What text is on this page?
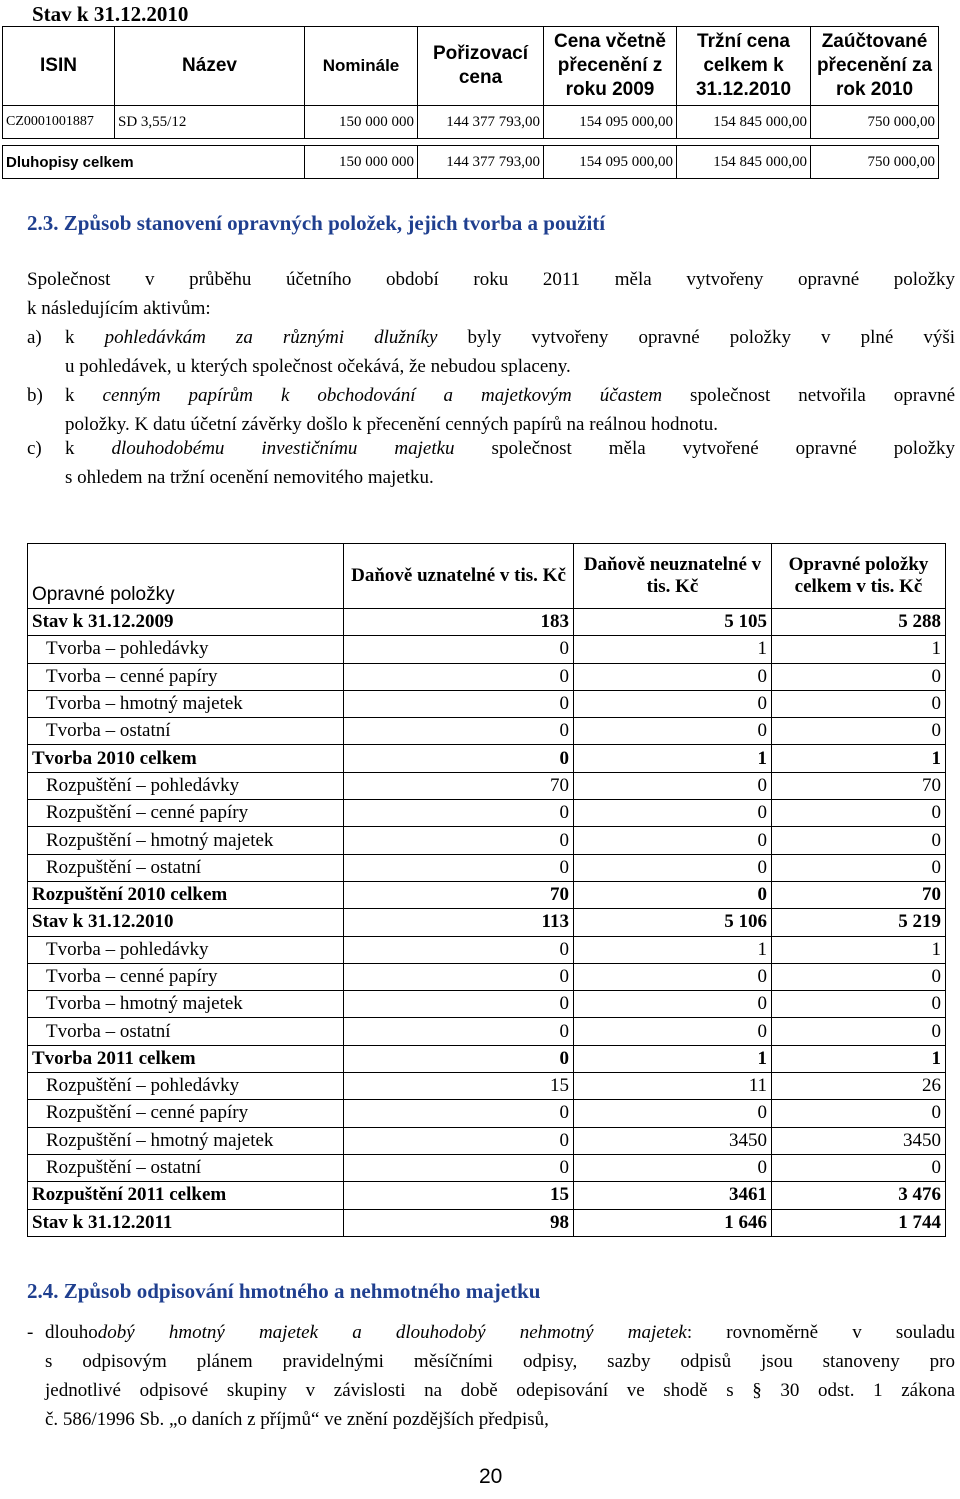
Stav k 31.12.2010
ISIN	Název	Nominále	Pořizovací cena	Cena včetně přecenění z roku 2009	Tržní cena celkem k 31.12.2010	Zaúčtované přecenění za rok 2010
CZ0001001887	SD 3,55/12	150 000 000	144 377 793,00	154 095 000,00	154 845 000,00	750 000,00

Dluhopisy celkem		150 000 000	144 377 793,00	154 095 000,00	154 845 000,00	750 000,00
2.3. Způsob stanovení opravných položek, jejich tvorba a použití
Společnost v průběhu účetního období roku 2011 měla vytvořeny opravné položky
k následujícím aktivům:
a) k pohledávkám za různými dlužníky byly vytvořeny opravné položky v plné výši
u pohledávek, u kterých společnost očekává, že nebudou splaceny.
b) k cenným papírům k obchodování a majetkovým účastem společnost netvořila opravné
položky. K datu účetní závěrky došlo k přecenění cenných papírů na reálnou hodnotu.
c) k dlouhodobému investičnímu majetku společnost měla vytvořené opravné položky
s ohledem na tržní ocenění nemovitého majetku.
Opravné položky	Daňově uznatelné v tis. Kč	Daňově neuznatelné v tis. Kč	Opravné položky celkem v tis. Kč
Stav k 31.12.2009	183	5 105	5 288
Tvorba – pohledávky	0	1	1
Tvorba – cenné papíry	0	0	0
Tvorba – hmotný majetek	0	0	0
Tvorba – ostatní	0	0	0
Tvorba 2010 celkem	0	1	1
Rozpuštění – pohledávky	70	0	70
Rozpuštění – cenné papíry	0	0	0
Rozpuštění – hmotný majetek	0	0	0
Rozpuštění – ostatní	0	0	0
Rozpuštění 2010 celkem	70	0	70
Stav k 31.12.2010	113	5 106	5 219
Tvorba – pohledávky	0	1	1
Tvorba – cenné papíry	0	0	0
Tvorba – hmotný majetek	0	0	0
Tvorba – ostatní	0	0	0
Tvorba 2011 celkem	0	1	1
Rozpuštění – pohledávky	15	11	26
Rozpuštění – cenné papíry	0	0	0
Rozpuštění – hmotný majetek	0	3450	3450
Rozpuštění – ostatní	0	0	0
Rozpuštění 2011 celkem	15	3461	3 476
Stav k 31.12.2011	98	1 646	1 744
2.4. Způsob odpisování hmotného a nehmotného majetku
- dlouhodobý hmotný majetek a dlouhodobý nehmotný majetek: rovnoměrně v souladu
s odpisovým plánem pravidelnými měsíčními odpisy, sazby odpisů jsou stanoveny pro
jednotlivé odpisové skupiny v závislosti na době odepisování ve shodě s § 30 odst. 1 zákona
č. 586/1996 Sb. „o daních z příjmů“ ve znění pozdějších předpisů,
20
